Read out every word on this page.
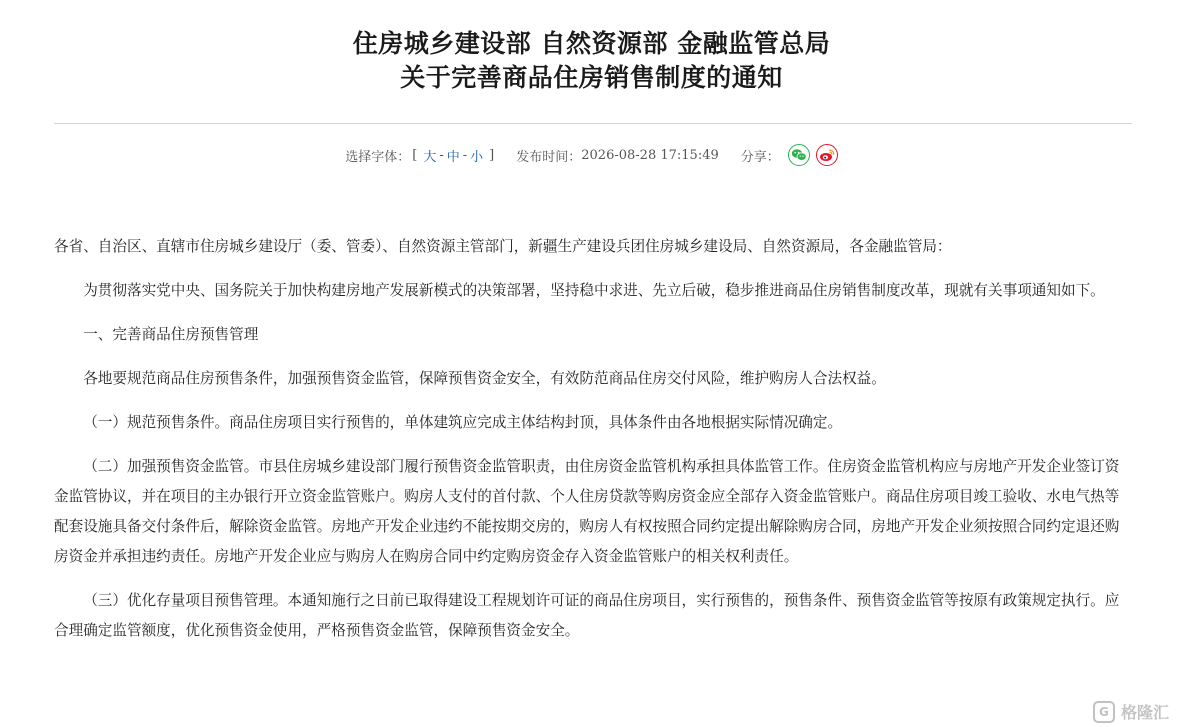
住房城乡建设部 自然资源部 金融监管总局
关于完善商品住房销售制度的通知
选择字体： [ 大 - 中 - 小 ] 发布时间： 2026-08-28 17:15:49 分享：

各省、自治区、直辖市住房城乡建设厅（委、管委）、自然资源主管部门，新疆生产建设兵团住房城乡建设局、自然资源局，各金融监管局：

为贯彻落实党中央、国务院关于加快构建房地产发展新模式的决策部署，坚持稳中求进、先立后破，稳步推进商品住房销售制度改革，现就有关事项通知如下。

一、完善商品住房预售管理

各地要规范商品住房预售条件，加强预售资金监管，保障预售资金安全，有效防范商品住房交付风险，维护购房人合法权益。

（一）规范预售条件。商品住房项目实行预售的，单体建筑应完成主体结构封顶，具体条件由各地根据实际情况确定。

（二）加强预售资金监管。市县住房城乡建设部门履行预售资金监管职责，由住房资金监管机构承担具体监管工作。住房资金监管机构应与房地产开发企业签订资金监管协议，并在项目的主办银行开立资金监管账户。购房人支付的首付款、个人住房贷款等购房资金应全部存入资金监管账户。商品住房项目竣工验收、水电气热等配套设施具备交付条件后，解除资金监管。房地产开发企业违约不能按期交房的，购房人有权按照合同约定提出解除购房合同，房地产开发企业须按照合同约定退还购房资金并承担违约责任。房地产开发企业应与购房人在购房合同中约定购房资金存入资金监管账户的相关权利责任。

（三）优化存量项目预售管理。本通知施行之日前已取得建设工程规划许可证的商品住房项目，实行预售的，预售条件、预售资金监管等按原有政策规定执行。应合理确定监管额度，优化预售资金使用，严格预售资金监管，保障预售资金安全。

G 格隆汇
